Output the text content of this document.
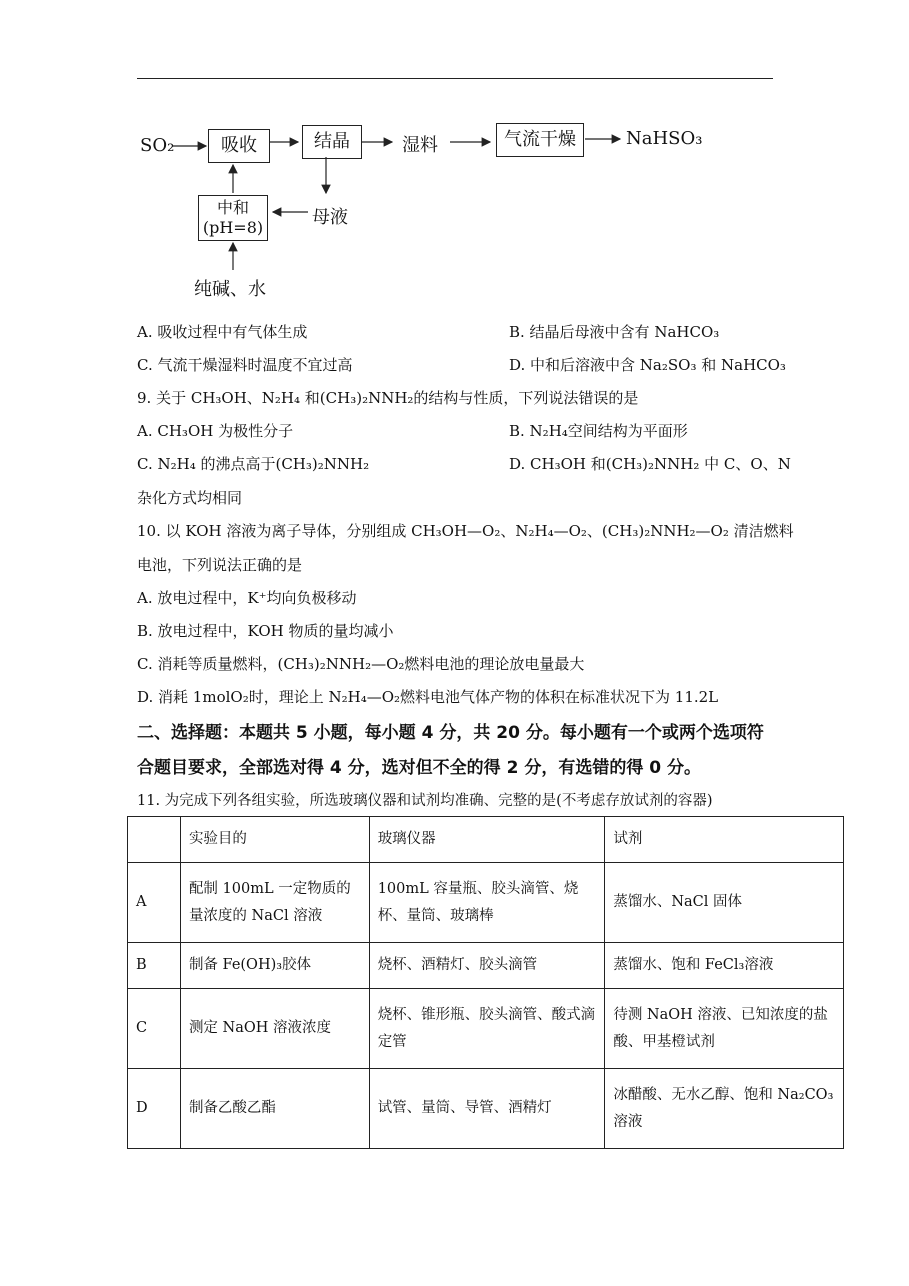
SO₂	吸收	结晶	湿料	气流干燥	NaHSO₃
中和
(pH=8)	母液
纯碱、水
A. 吸收过程中有气体生成	B. 结晶后母液中含有 NaHCO₃
C. 气流干燥湿料时温度不宜过高	D. 中和后溶液中含 Na₂SO₃ 和 NaHCO₃
9. 关于 CH₃OH、N₂H₄ 和(CH₃)₂NNH₂的结构与性质，下列说法错误的是
A. CH₃OH 为极性分子	B. N₂H₄空间结构为平面形
C. N₂H₄ 的沸点高于(CH₃)₂NNH₂	D. CH₃OH 和(CH₃)₂NNH₂ 中 C、O、N
杂化方式均相同
10. 以 KOH 溶液为离子导体，分别组成 CH₃OH—O₂、N₂H₄—O₂、(CH₃)₂NNH₂—O₂ 清洁燃料
电池，下列说法正确的是
A. 放电过程中，K⁺均向负极移动
B. 放电过程中，KOH 物质的量均减小
C. 消耗等质量燃料，(CH₃)₂NNH₂—O₂燃料电池的理论放电量最大
D. 消耗 1molO₂时，理论上 N₂H₄—O₂燃料电池气体产物的体积在标准状况下为 11.2L
二、选择题：本题共 5 小题，每小题 4 分，共 20 分。每小题有一个或两个选项符
合题目要求，全部选对得 4 分，选对但不全的得 2 分，有选错的得 0 分。
11. 为完成下列各组实验，所选玻璃仪器和试剂均准确、完整的是(不考虑存放试剂的容器)
	实验目的	玻璃仪器	试剂
A	配制 100mL 一定物质的量浓度的 NaCl 溶液	100mL 容量瓶、胶头滴管、烧杯、量筒、玻璃棒	蒸馏水、NaCl 固体
B	制备 Fe(OH)₃胶体	烧杯、酒精灯、胶头滴管	蒸馏水、饱和 FeCl₃溶液
C	测定 NaOH 溶液浓度	烧杯、锥形瓶、胶头滴管、酸式滴定管	待测 NaOH 溶液、已知浓度的盐酸、甲基橙试剂
D	制备乙酸乙酯	试管、量筒、导管、酒精灯	冰醋酸、无水乙醇、饱和 Na₂CO₃溶液
